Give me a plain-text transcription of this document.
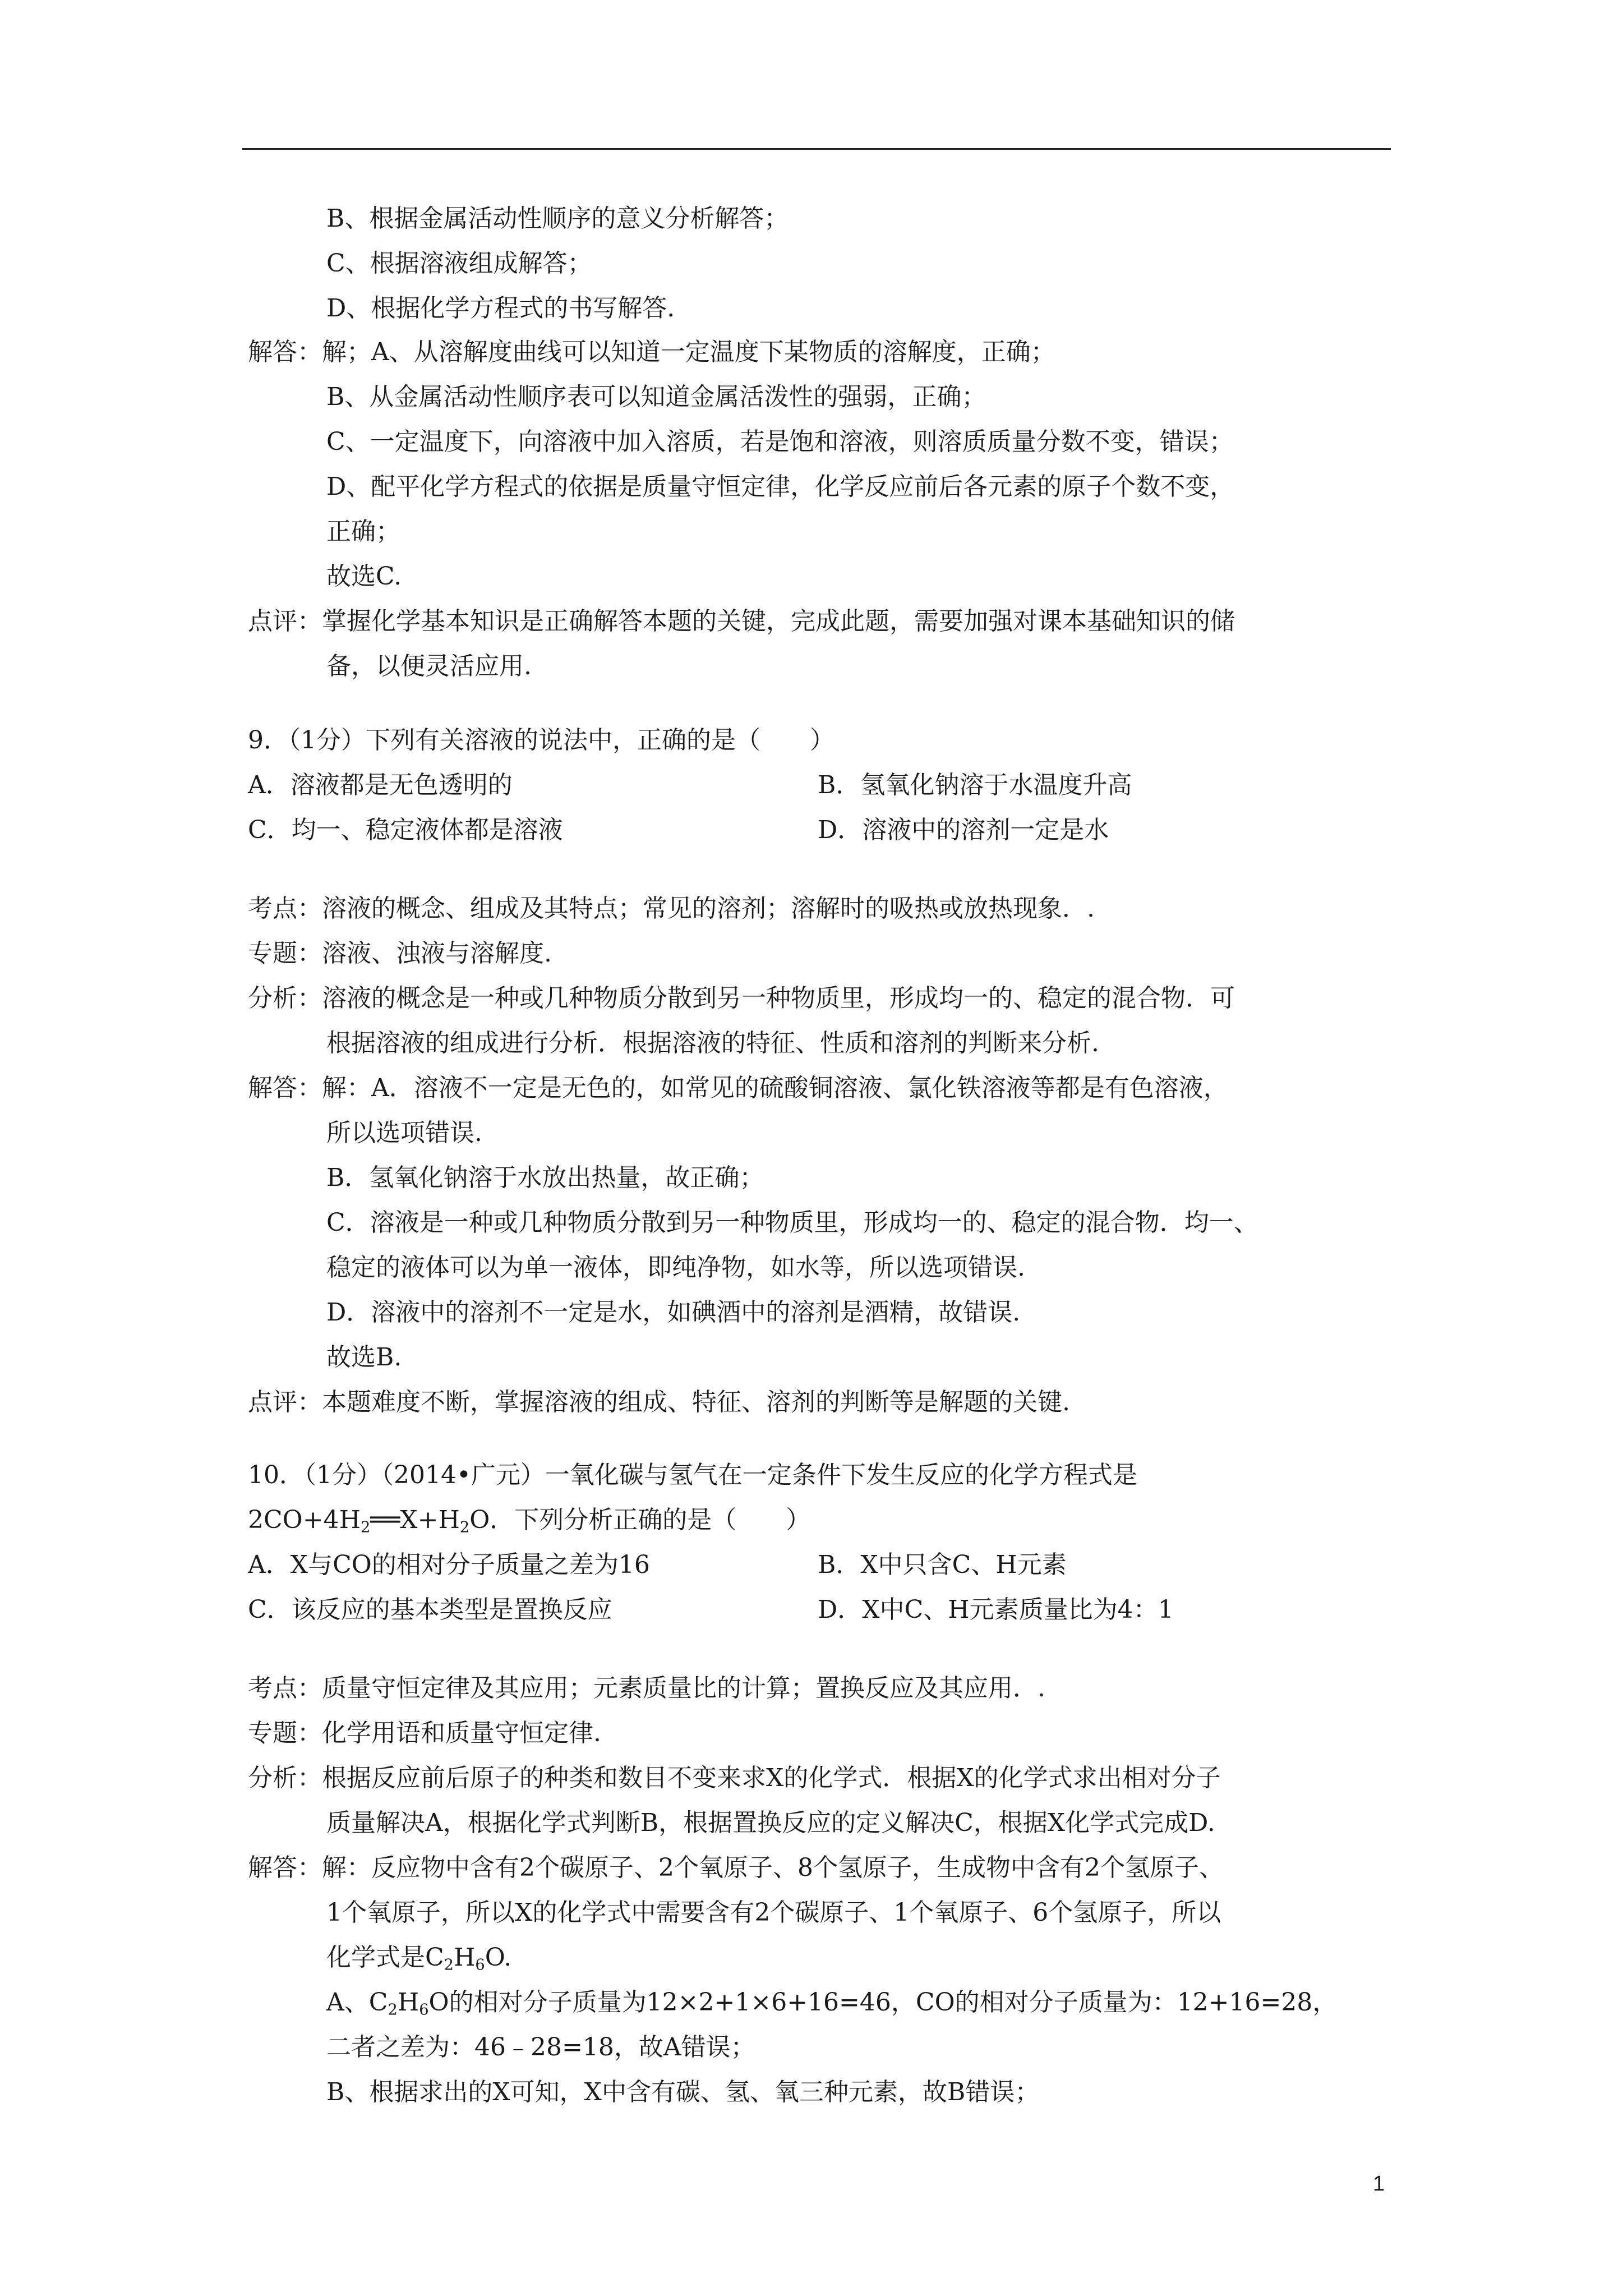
B、根据金属活动性顺序的意义分析解答；
C、根据溶液组成解答；
D、根据化学方程式的书写解答.
解答：解；A、从溶解度曲线可以知道一定温度下某物质的溶解度，正确；
B、从金属活动性顺序表可以知道金属活泼性的强弱，正确；
C、一定温度下，向溶液中加入溶质，若是饱和溶液，则溶质质量分数不变，错误；
D、配平化学方程式的依据是质量守恒定律，化学反应前后各元素的原子个数不变，
正确；
故选C.
点评：掌握化学基本知识是正确解答本题的关键，完成此题，需要加强对课本基础知识的储
备，以便灵活应用.
9．（1分）下列有关溶液的说法中，正确的是（　　）
A．溶液都是无色透明的	B．氢氧化钠溶于水温度升高
C．均一、稳定液体都是溶液	D．溶液中的溶剂一定是水
考点：溶液的概念、组成及其特点；常见的溶剂；溶解时的吸热或放热现象．.
专题：溶液、浊液与溶解度.
分析：溶液的概念是一种或几种物质分散到另一种物质里，形成均一的、稳定的混合物．可
根据溶液的组成进行分析．根据溶液的特征、性质和溶剂的判断来分析.
解答：解：A．溶液不一定是无色的，如常见的硫酸铜溶液、氯化铁溶液等都是有色溶液，
所以选项错误.
B．氢氧化钠溶于水放出热量，故正确；
C．溶液是一种或几种物质分散到另一种物质里，形成均一的、稳定的混合物．均一、
稳定的液体可以为单一液体，即纯净物，如水等，所以选项错误.
D．溶液中的溶剂不一定是水，如碘酒中的溶剂是酒精，故错误.
故选B.
点评：本题难度不断，掌握溶液的组成、特征、溶剂的判断等是解题的关键.
10．（1分）（2014•广元）一氧化碳与氢气在一定条件下发生反应的化学方程式是
$2CO+4H_2══X+H_2O$．下列分析正确的是（　　）
A．X与CO的相对分子质量之差为16	B．X中只含C、H元素
C．该反应的基本类型是置换反应	D．X中C、H元素质量比为4：1
考点：质量守恒定律及其应用；元素质量比的计算；置换反应及其应用．.
专题：化学用语和质量守恒定律.
分析：根据反应前后原子的种类和数目不变来求X的化学式．根据X的化学式求出相对分子
质量解决A，根据化学式判断B，根据置换反应的定义解决C，根据X化学式完成D.
解答：解：反应物中含有2个碳原子、2个氧原子、8个氢原子，生成物中含有2个氢原子、
1个氧原子，所以X的化学式中需要含有2个碳原子、1个氧原子、6个氢原子，所以
化学式是$C_2H_6O$.
A、$C_2H_6O$的相对分子质量为12×2+1×6+16=46，CO的相对分子质量为：12+16=28，
二者之差为：46﹣28=18，故A错误；
B、根据求出的X可知，X中含有碳、氢、氧三种元素，故B错误；
1
